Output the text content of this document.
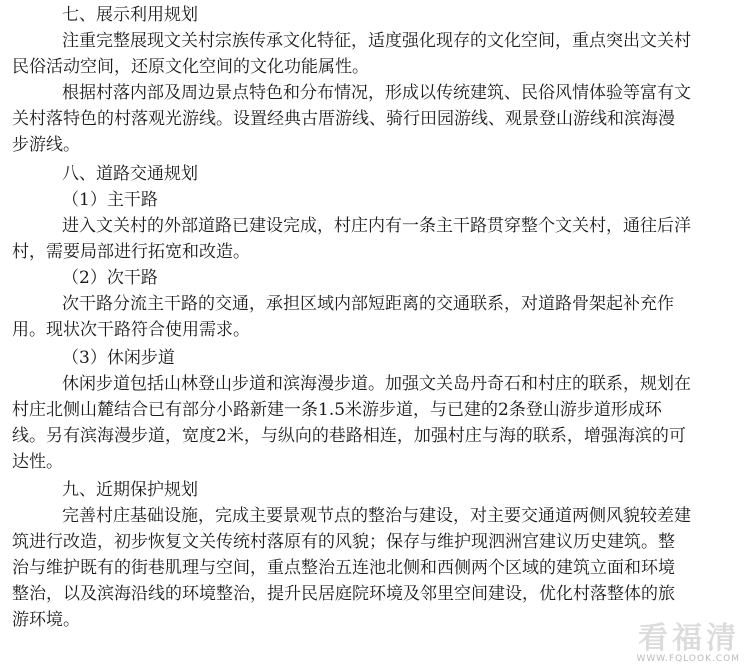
七、展示利用规划

注重完整展现文关村宗族传承文化特征，适度强化现存的文化空间，重点突出文关村

民俗活动空间，还原文化空间的文化功能属性。

根据村落内部及周边景点特色和分布情况，形成以传统建筑、民俗风情体验等富有文

关村落特色的村落观光游线。设置经典古厝游线、骑行田园游线、观景登山游线和滨海漫

步游线。

八、道路交通规划

（1）主干路

进入文关村的外部道路已建设完成，村庄内有一条主干路贯穿整个文关村，通往后洋

村，需要局部进行拓宽和改造。

（2）次干路

次干路分流主干路的交通，承担区域内部短距离的交通联系，对道路骨架起补充作

用。现状次干路符合使用需求。

（3）休闲步道

休闲步道包括山林登山步道和滨海漫步道。加强文关岛丹奇石和村庄的联系，规划在

村庄北侧山麓结合已有部分小路新建一条1.5米游步道，与已建的2条登山游步道形成环

线。另有滨海漫步道，宽度2米，与纵向的巷路相连，加强村庄与海的联系，增强海滨的可

达性。

九、近期保护规划

完善村庄基础设施，完成主要景观节点的整治与建设，对主要交通道两侧风貌较差建

筑进行改造，初步恢复文关传统村落原有的风貌；保存与维护现泗洲宫建议历史建筑。整

治与维护既有的街巷肌理与空间，重点整治五连池北侧和西侧两个区域的建筑立面和环境

整治，以及滨海沿线的环境整治，提升民居庭院环境及邻里空间建设，优化村落整体的旅

游环境。

看福清
WWW.FQLOOK.COM
